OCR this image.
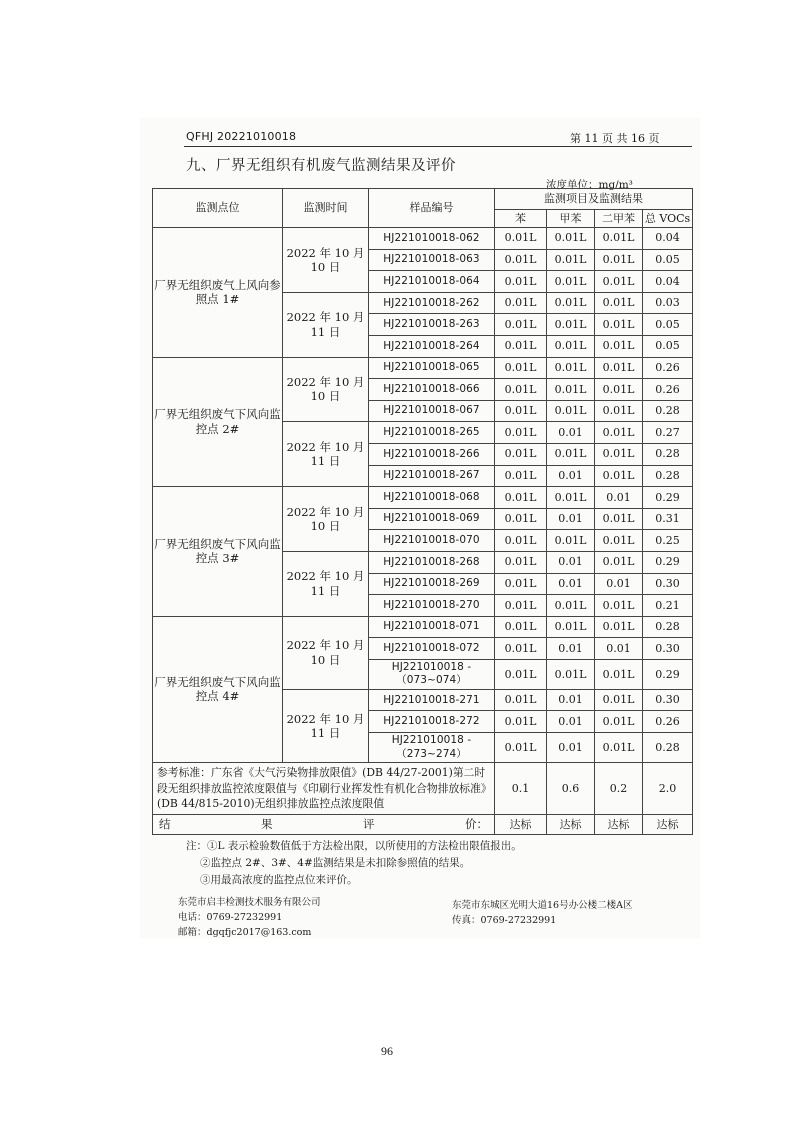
QFHJ 20221010018	第 11 页 共 16 页
九、厂界无组织有机废气监测结果及评价
浓度单位：mg/m³
监测点位	监测时间	样品编号	监测项目及监测结果			
			苯	甲苯	二甲苯	总 VOCs
厂界无组织废气上风向参照点 1#	2022 年 10 月 10 日	HJ221010018-062	0.01L	0.01L	0.01L	0.04
		HJ221010018-063	0.01L	0.01L	0.01L	0.05
		HJ221010018-064	0.01L	0.01L	0.01L	0.04
	2022 年 10 月 11 日	HJ221010018-262	0.01L	0.01L	0.01L	0.03
		HJ221010018-263	0.01L	0.01L	0.01L	0.05
		HJ221010018-264	0.01L	0.01L	0.01L	0.05
厂界无组织废气下风向监控点 2#	2022 年 10 月 10 日	HJ221010018-065	0.01L	0.01L	0.01L	0.26
		HJ221010018-066	0.01L	0.01L	0.01L	0.26
		HJ221010018-067	0.01L	0.01L	0.01L	0.28
	2022 年 10 月 11 日	HJ221010018-265	0.01L	0.01	0.01L	0.27
		HJ221010018-266	0.01L	0.01L	0.01L	0.28
		HJ221010018-267	0.01L	0.01	0.01L	0.28
厂界无组织废气下风向监控点 3#	2022 年 10 月 10 日	HJ221010018-068	0.01L	0.01L	0.01	0.29
		HJ221010018-069	0.01L	0.01	0.01L	0.31
		HJ221010018-070	0.01L	0.01L	0.01L	0.25
	2022 年 10 月 11 日	HJ221010018-268	0.01L	0.01	0.01L	0.29
		HJ221010018-269	0.01L	0.01	0.01	0.30
		HJ221010018-270	0.01L	0.01L	0.01L	0.21
厂界无组织废气下风向监控点 4#	2022 年 10 月 10 日	HJ221010018-071	0.01L	0.01L	0.01L	0.28
		HJ221010018-072	0.01L	0.01	0.01	0.30
		HJ221010018 -（073~074）	0.01L	0.01L	0.01L	0.29
	2022 年 10 月 11 日	HJ221010018-271	0.01L	0.01	0.01L	0.30
		HJ221010018-272	0.01L	0.01	0.01L	0.26
		HJ221010018 -（273~274）	0.01L	0.01	0.01L	0.28
参考标准：广东省《大气污染物排放限值》(DB 44/27-2001)第二时段无组织排放监控浓度限值与《印刷行业挥发性有机化合物排放标准》(DB 44/815-2010)无组织排放监控点浓度限值			0.1	0.6	0.2	2.0

结 果 评 价：			达标	达标	达标	达标
注：①L 表示检验数值低于方法检出限，以所使用的方法检出限值报出。
②监控点 2#、3#、4#监测结果是未扣除参照值的结果。
③用最高浓度的监控点位来评价。
东莞市启丰检测技术服务有限公司
电话：0769-27232991
邮箱：dgqfjc2017@163.com
东莞市东城区光明大道16号办公楼二楼A区
传真：0769-27232991
96
